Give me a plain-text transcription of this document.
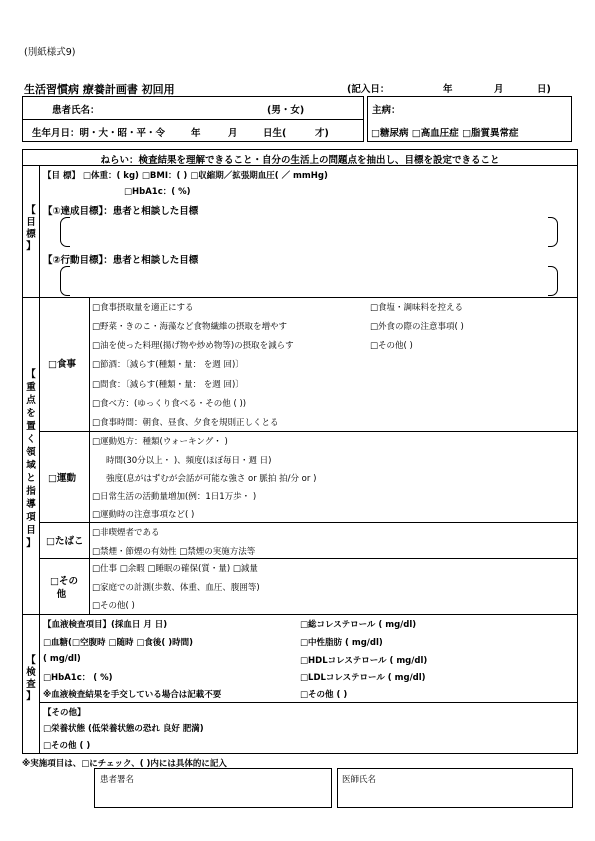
(別紙様式9)
生活習慣病 療養計画書 初回用	(記入日：	年	月	日)
患者氏名：	(男・女)
生年月日：明・大・昭・平・令	年	月	日生(	才)
主病：
□糖尿病 □高血圧症 □脂質異常症
ねらい：検査結果を理解できること・自分の生活上の問題点を抽出し、目標を設定できること
【
目
標
】
【目 標】 □体重：( kg) □BMI：( ) □収縮期／拡張期血圧( ／ mmHg)
□HbA1c：( %)
【①達成目標】：患者と相談した目標
【②行動目標】：患者と相談した目標
【
重
点
を
置
く
領
域
と
指
導
項
目
】
□食事
□食事摂取量を適正にする
□野菜・きのこ・海藻など食物繊維の摂取を増やす
□油を使った料理(揚げ物や炒め物等)の摂取を減らす
□節酒：〔減らす(種類・量： を週 回)〕
□間食：〔減らす(種類・量： を週 回)〕
□食べ方：(ゆっくり食べる・その他 ( ))
□食事時間：朝食、昼食、夕食を規則正しくとる
□食塩・調味料を控える
□外食の際の注意事項( )
□その他( )
□運動
□運動処方：種類(ウォーキング・ )
時間(30分以上・ )、頻度(ほぼ毎日・週 日)
強度(息がはずむが会話が可能な強さ or 脈拍 拍/分 or )
□日常生活の活動量増加(例：1日1万歩・ )
□運動時の注意事項など( )
□たばこ
□非喫煙者である
□禁煙・節煙の有効性 □禁煙の実施方法等
□その
他
□仕事 □余暇 □睡眠の確保(質・量) □減量
□家庭での計測(歩数、体重、血圧、腹囲等)
□その他( )
【
検
査
】
【血液検査項目】(採血日 月 日)
□血糖(□空腹時 □随時 □食後( )時間)
( mg/dl)
□HbA1c： ( %)
※血液検査結果を手交している場合は記載不要
□総コレステロール ( mg/dl)
□中性脂肪 ( mg/dl)
□HDLコレステロール ( mg/dl)
□LDLコレステロール ( mg/dl)
□その他 ( )
【その他】
□栄養状態 (低栄養状態の恐れ 良好 肥満)
□その他 ( )
※実施項目は、□にチェック、( )内には具体的に記入
患者署名	医師氏名
